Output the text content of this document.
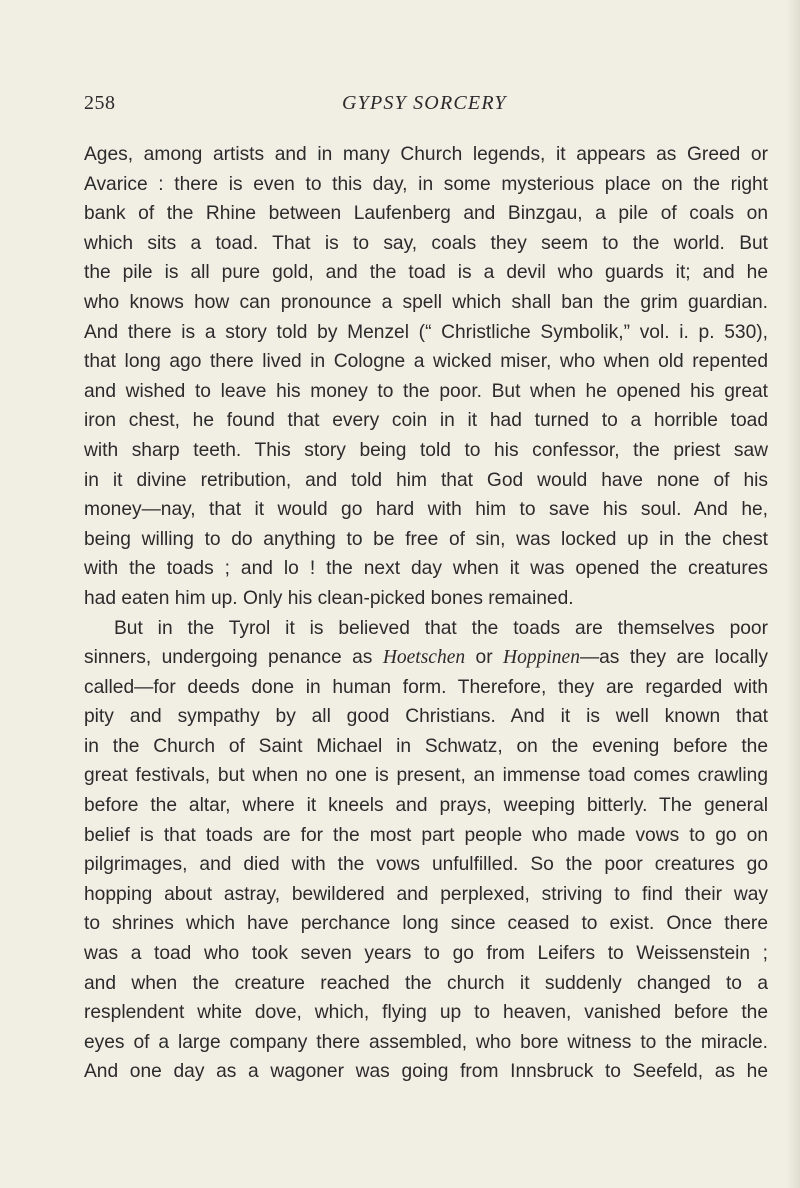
258	GYPSY SORCERY
Ages, among artists and in many Church legends, it appears as Greed or
Avarice : there is even to this day, in some mysterious place on the right
bank of the Rhine between Laufenberg and Binzgau, a pile of coals on
which sits a toad. That is to say, coals they seem to the world. But
the pile is all pure gold, and the toad is a devil who guards it; and he
who knows how can pronounce a spell which shall ban the grim guardian.
And there is a story told by Menzel (“ Christliche Symbolik,” vol. i. p. 530),
that long ago there lived in Cologne a wicked miser, who when old repented
and wished to leave his money to the poor. But when he opened his great
iron chest, he found that every coin in it had turned to a horrible toad
with sharp teeth. This story being told to his confessor, the priest saw
in it divine retribution, and told him that God would have none of his
money—nay, that it would go hard with him to save his soul. And he,
being willing to do anything to be free of sin, was locked up in the chest
with the toads ; and lo ! the next day when it was opened the creatures
had eaten him up. Only his clean-picked bones remained.
But in the Tyrol it is believed that the toads are themselves poor
sinners, undergoing penance as Hoetschen or Hoppinen—as they are locally
called—for deeds done in human form. Therefore, they are regarded with
pity and sympathy by all good Christians. And it is well known that
in the Church of Saint Michael in Schwatz, on the evening before the
great festivals, but when no one is present, an immense toad comes crawling
before the altar, where it kneels and prays, weeping bitterly. The general
belief is that toads are for the most part people who made vows to go on
pilgrimages, and died with the vows unfulfilled. So the poor creatures go
hopping about astray, bewildered and perplexed, striving to find their way
to shrines which have perchance long since ceased to exist. Once there
was a toad who took seven years to go from Leifers to Weissenstein ;
and when the creature reached the church it suddenly changed to a
resplendent white dove, which, flying up to heaven, vanished before the
eyes of a large company there assembled, who bore witness to the miracle.
And one day as a wagoner was going from Innsbruck to Seefeld, as he
